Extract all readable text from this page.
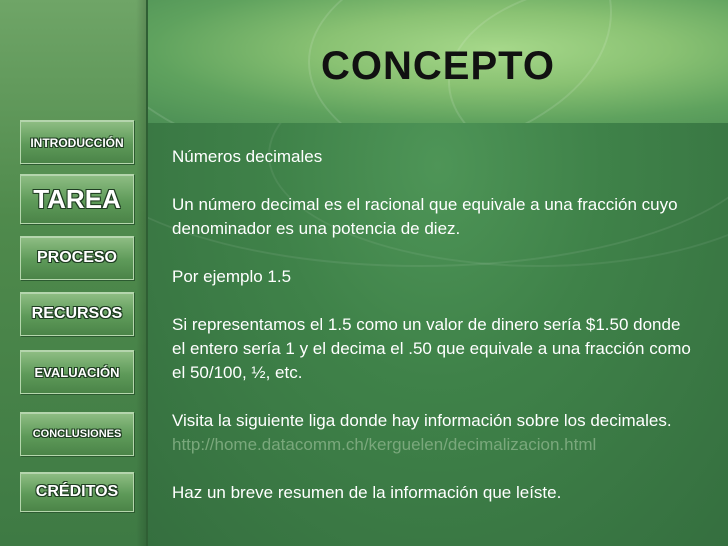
CONCEPTO
INTRODUCCIÓN
TAREA
PROCESO
RECURSOS
EVALUACIÓN
CONCLUSIONES
CRÉDITOS

Números decimales

Un número decimal es el racional que equivale a una fracción cuyo denominador es una potencia de diez.

Por ejemplo 1.5

Si representamos el 1.5 como un valor de dinero sería $1.50 donde el entero sería 1 y el decima el .50 que equivale a una fracción como el 50/100, ½, etc.

Visita la siguiente liga donde hay información sobre los decimales.
http://home.datacomm.ch/kerguelen/decimalizacion.html

Haz un breve resumen de la información que leíste.
